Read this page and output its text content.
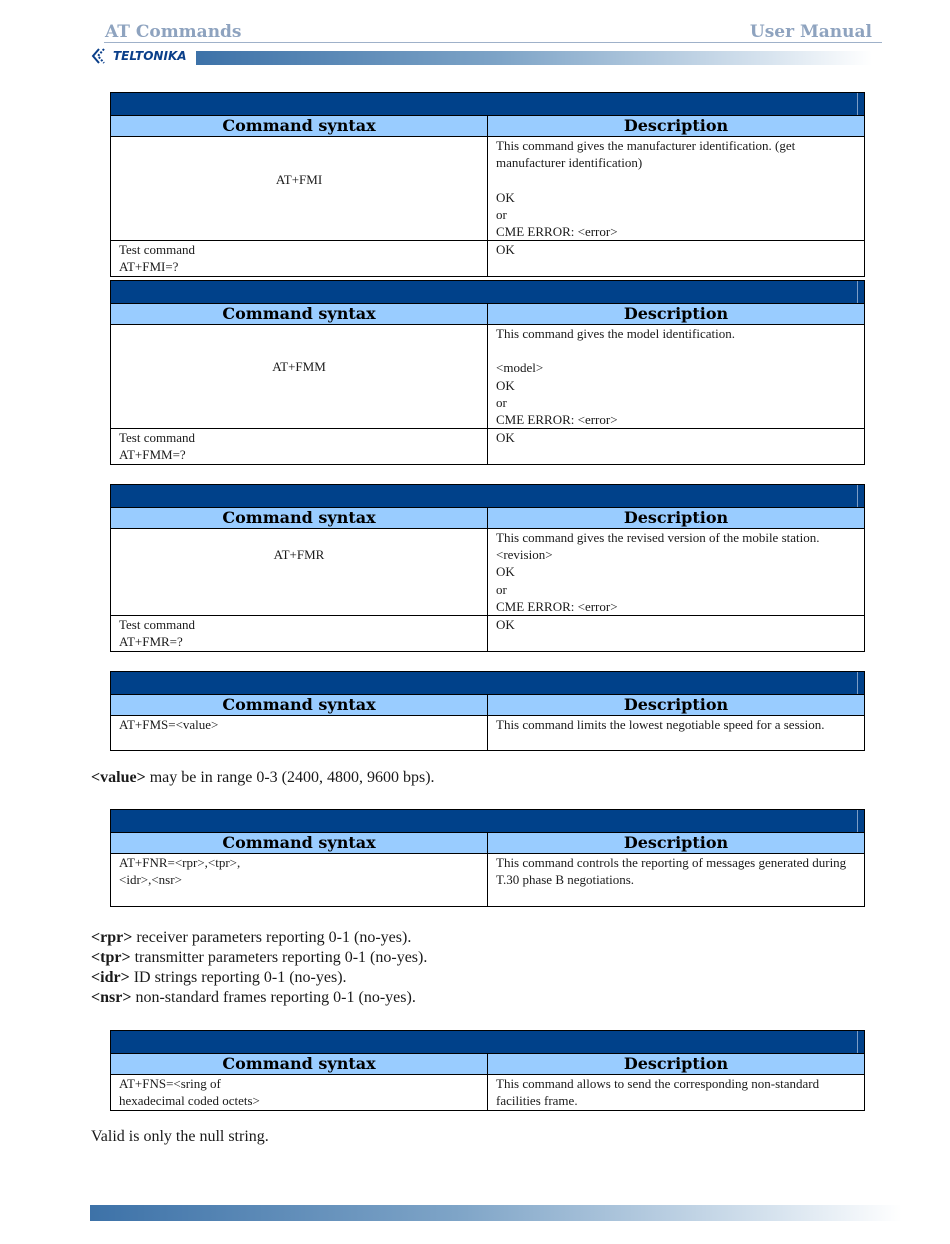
AT Commands	User Manual
TELTONIKA

Command syntax	Description

AT+FMI	This command gives the manufacturer identification. (get manufacturer identification)

OK
or
CME ERROR: <error>

Test command
AT+FMI=?	OK

Command syntax	Description

AT+FMM	This command gives the model identification.

<model>
OK
or
CME ERROR: <error>

Test command
AT+FMM=?	OK

Command syntax	Description

AT+FMR	This command gives the revised version of the mobile station.
<revision>
OK
or
CME ERROR: <error>

Test command
AT+FMR=?	OK

Command syntax	Description

AT+FMS=<value>	This command limits the lowest negotiable speed for a session.
<value> may be in range 0-3 (2400, 4800, 9600 bps).

Command syntax	Description

AT+FNR=<rpr>,<tpr>,
<idr>,<nsr>	This command controls the reporting of messages generated during T.30 phase B negotiations.
<rpr> receiver parameters reporting 0-1 (no-yes).
<tpr> transmitter parameters reporting 0-1 (no-yes).
<idr> ID strings reporting 0-1 (no-yes).
<nsr> non-standard frames reporting 0-1 (no-yes).

Command syntax	Description

AT+FNS=<sring of
hexadecimal coded octets>	This command allows to send the corresponding non-standard facilities frame.
Valid is only the null string.
